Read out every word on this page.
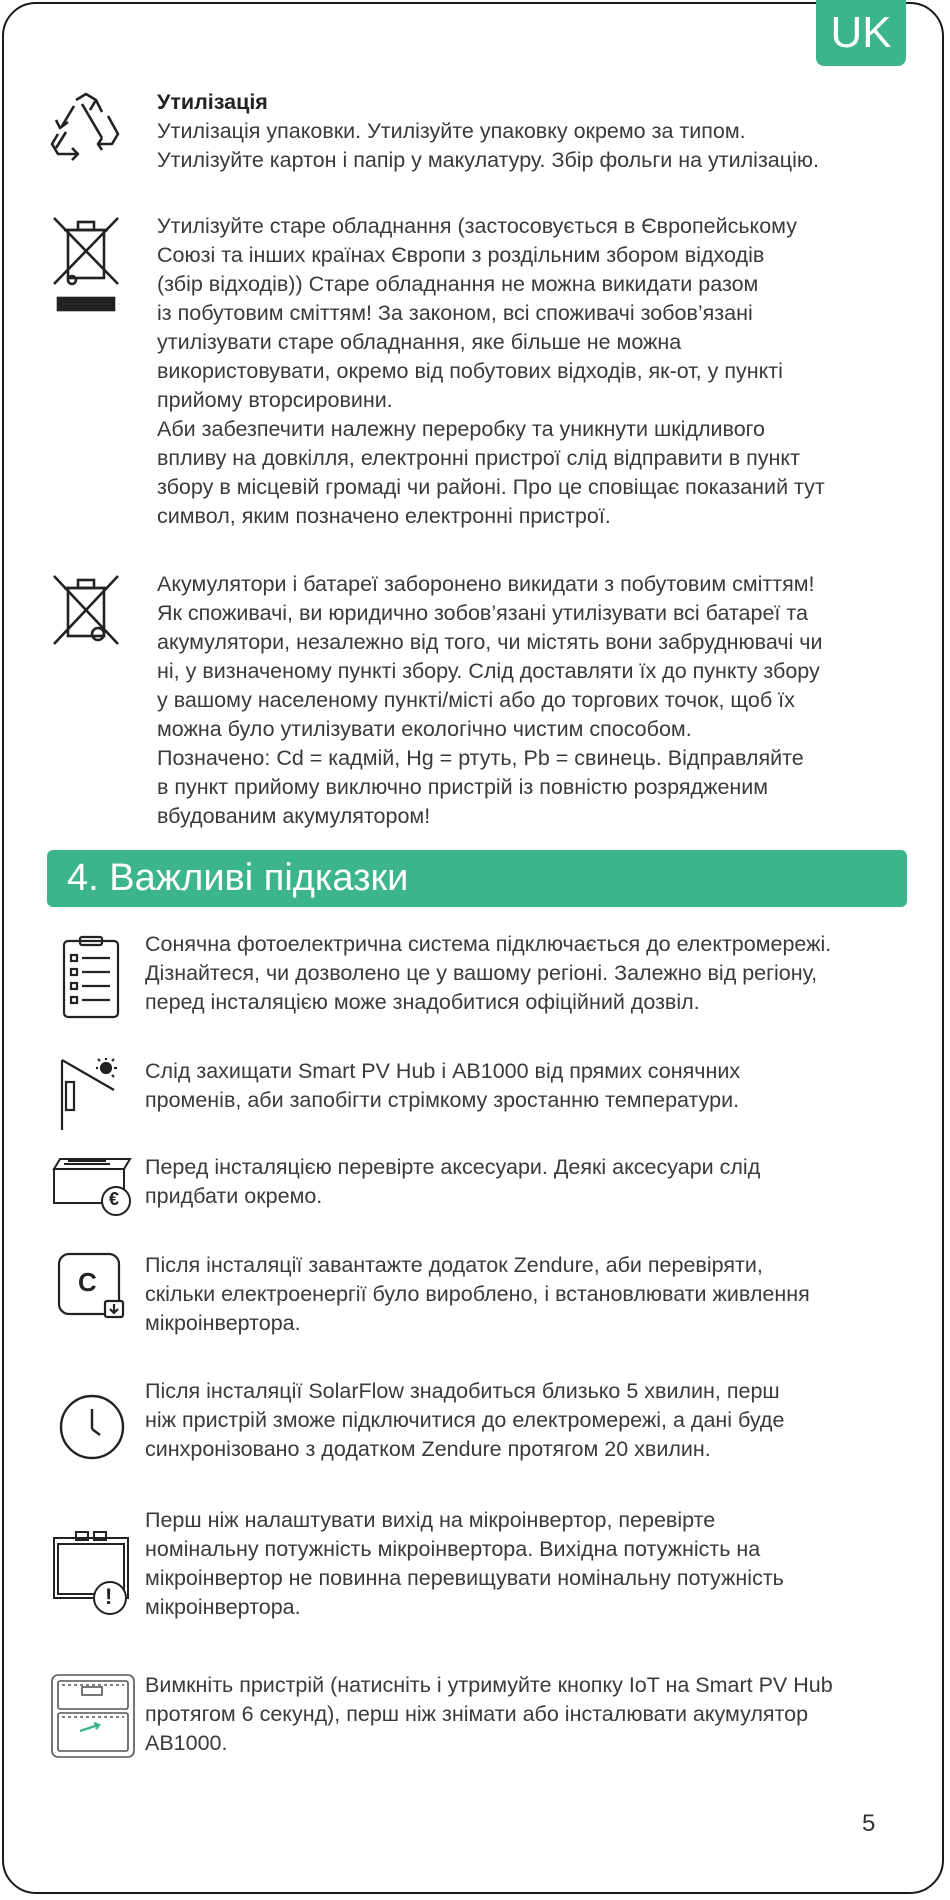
UK

Утилізація

Утилізація упаковки. Утилізуйте упаковку окремо за типом.
Утилізуйте картон і папір у макулатуру. Збір фольги на утилізацію.

Утилізуйте старе обладнання (застосовується в Європейському
Союзі та інших країнах Європи з роздільним збором відходів
(збір відходів)) Старе обладнання не можна викидати разом
із побутовим сміттям! За законом, всі споживачі зобов’язані
утилізувати старе обладнання, яке більше не можна
використовувати, окремо від побутових відходів, як-от, у пункті
прийому вторсировини.
Аби забезпечити належну переробку та уникнути шкідливого
впливу на довкілля, електронні пристрої слід відправити в пункт
збору в місцевій громаді чи районі. Про це сповіщає показаний тут
символ, яким позначено електронні пристрої.

Акумулятори і батареї заборонено викидати з побутовим сміттям!
Як споживачі, ви юридично зобов’язані утилізувати всі батареї та
акумулятори, незалежно від того, чи містять вони забруднювачі чи
ні, у визначеному пункті збору. Слід доставляти їх до пункту збору
у вашому населеному пункті/місті або до торгових точок, щоб їх
можна було утилізувати екологічно чистим способом.
Позначено: Cd = кадмій, Hg = ртуть, Pb = свинець. Відправляйте
в пункт прийому виключно пристрій із повністю розрядженим
вбудованим акумулятором!

4. Важливі підказки

Сонячна фотоелектрична система підключається до електромережі.
Дізнайтеся, чи дозволено це у вашому регіоні. Залежно від регіону,
перед інсталяцією може знадобитися офіційний дозвіл.

Слід захищати Smart PV Hub і AB1000 від прямих сонячних
променів, аби запобігти стрімкому зростанню температури.

€

Перед інсталяцією перевірте аксесуари. Деякі аксесуари слід
придбати окремо.

Ɔ

Після інсталяції завантажте додаток Zendure, аби перевіряти,
скільки електроенергії було вироблено, і встановлювати живлення
мікроінвертора.

Після інсталяції SolarFlow знадобиться близько 5 хвилин, перш
ніж пристрій зможе підключитися до електромережі, а дані буде
синхронізовано з додатком Zendure протягом 20 хвилин.

!

Перш ніж налаштувати вихід на мікроінвертор, перевірте
номінальну потужність мікроінвертора. Вихідна потужність на
мікроінвертор не повинна перевищувати номінальну потужність
мікроінвертора.

Вимкніть пристрій (натисніть і утримуйте кнопку IoT на Smart PV Hub
протягом 6 секунд), перш ніж знімати або інсталювати акумулятор
AB1000.

5
